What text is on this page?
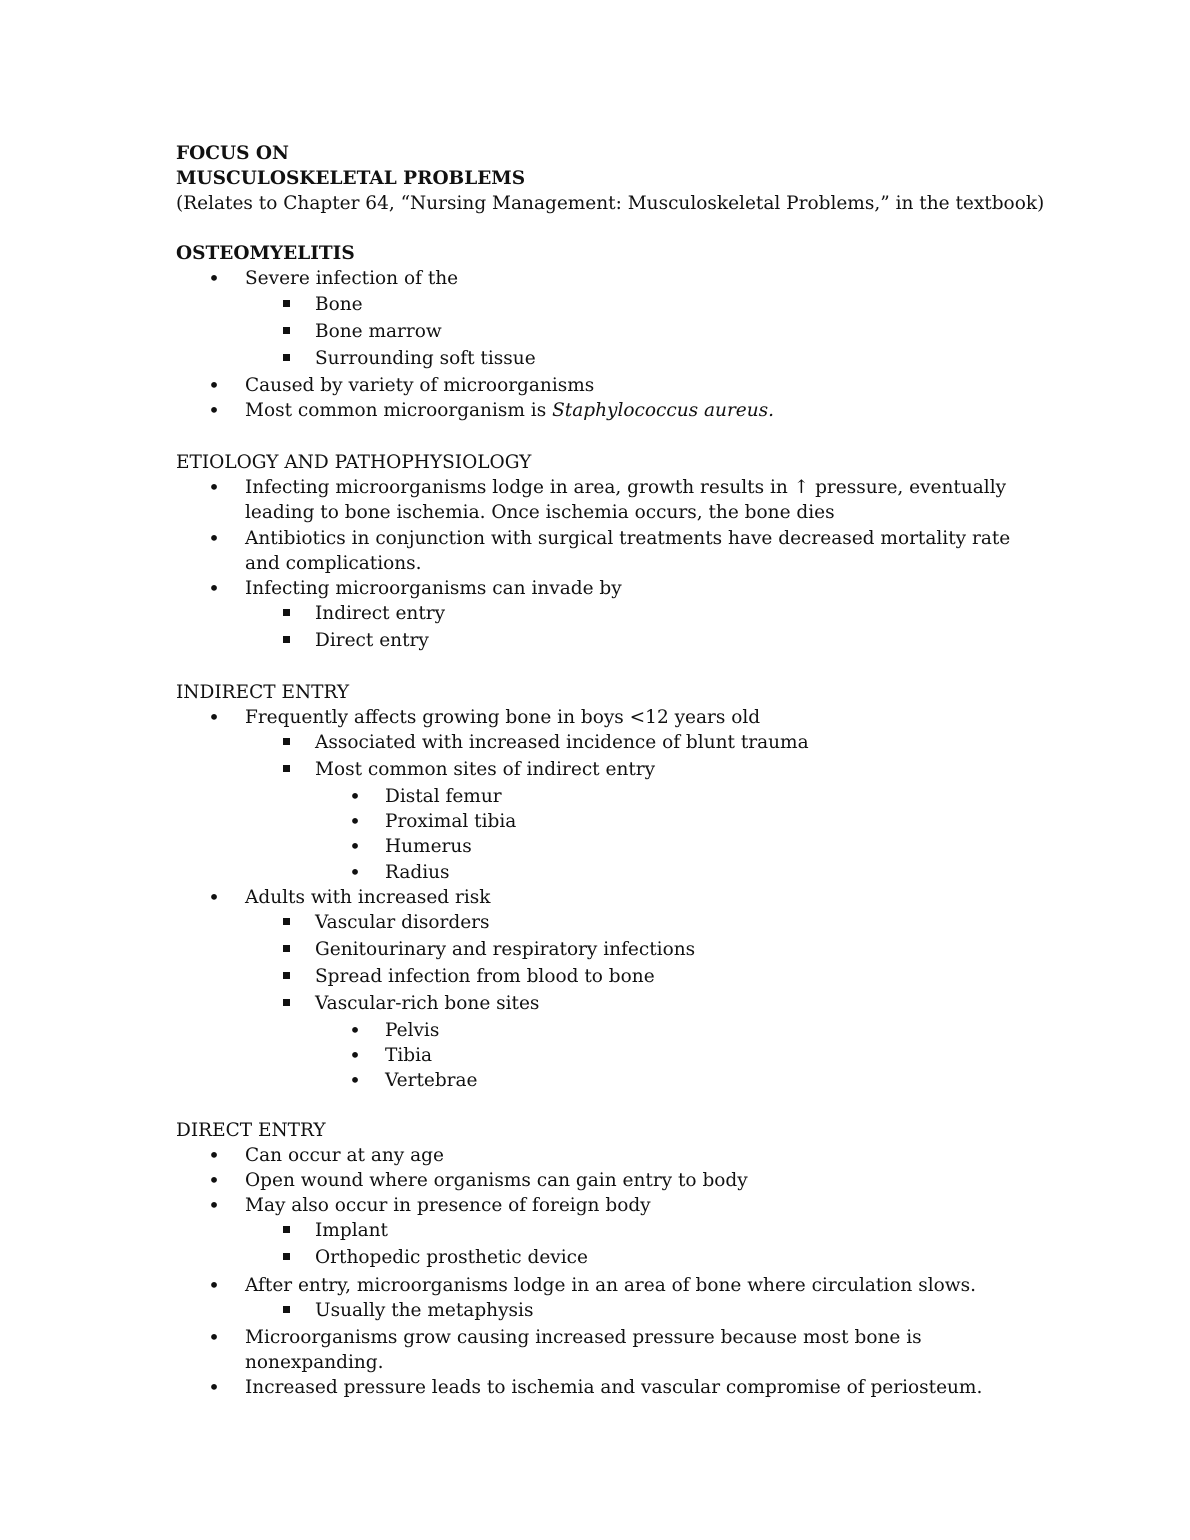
FOCUS ON
MUSCULOSKELETAL PROBLEMS
(Relates to Chapter 64, “Nursing Management: Musculoskeletal Problems,” in the textbook)
OSTEOMYELITIS
•
Severe infection of the
Bone
Bone marrow
Surrounding soft tissue
•
Caused by variety of microorganisms
•
Most common microorganism is Staphylococcus aureus.
ETIOLOGY AND PATHOPHYSIOLOGY
•
Infecting microorganisms lodge in area, growth results in ↑ pressure, eventually
leading to bone ischemia. Once ischemia occurs, the bone dies
•
Antibiotics in conjunction with surgical treatments have decreased mortality rate
and complications.
•
Infecting microorganisms can invade by
Indirect entry
Direct entry
INDIRECT ENTRY
•
Frequently affects growing bone in boys <12 years old
Associated with increased incidence of blunt trauma
Most common sites of indirect entry
•
Distal femur
•
Proximal tibia
•
Humerus
•
Radius
•
Adults with increased risk
Vascular disorders
Genitourinary and respiratory infections
Spread infection from blood to bone
Vascular-rich bone sites
•
Pelvis
•
Tibia
•
Vertebrae
DIRECT ENTRY
•
Can occur at any age
•
Open wound where organisms can gain entry to body
•
May also occur in presence of foreign body
Implant
Orthopedic prosthetic device
•
After entry, microorganisms lodge in an area of bone where circulation slows.
Usually the metaphysis
•
Microorganisms grow causing increased pressure because most bone is
nonexpanding.
•
Increased pressure leads to ischemia and vascular compromise of periosteum.
